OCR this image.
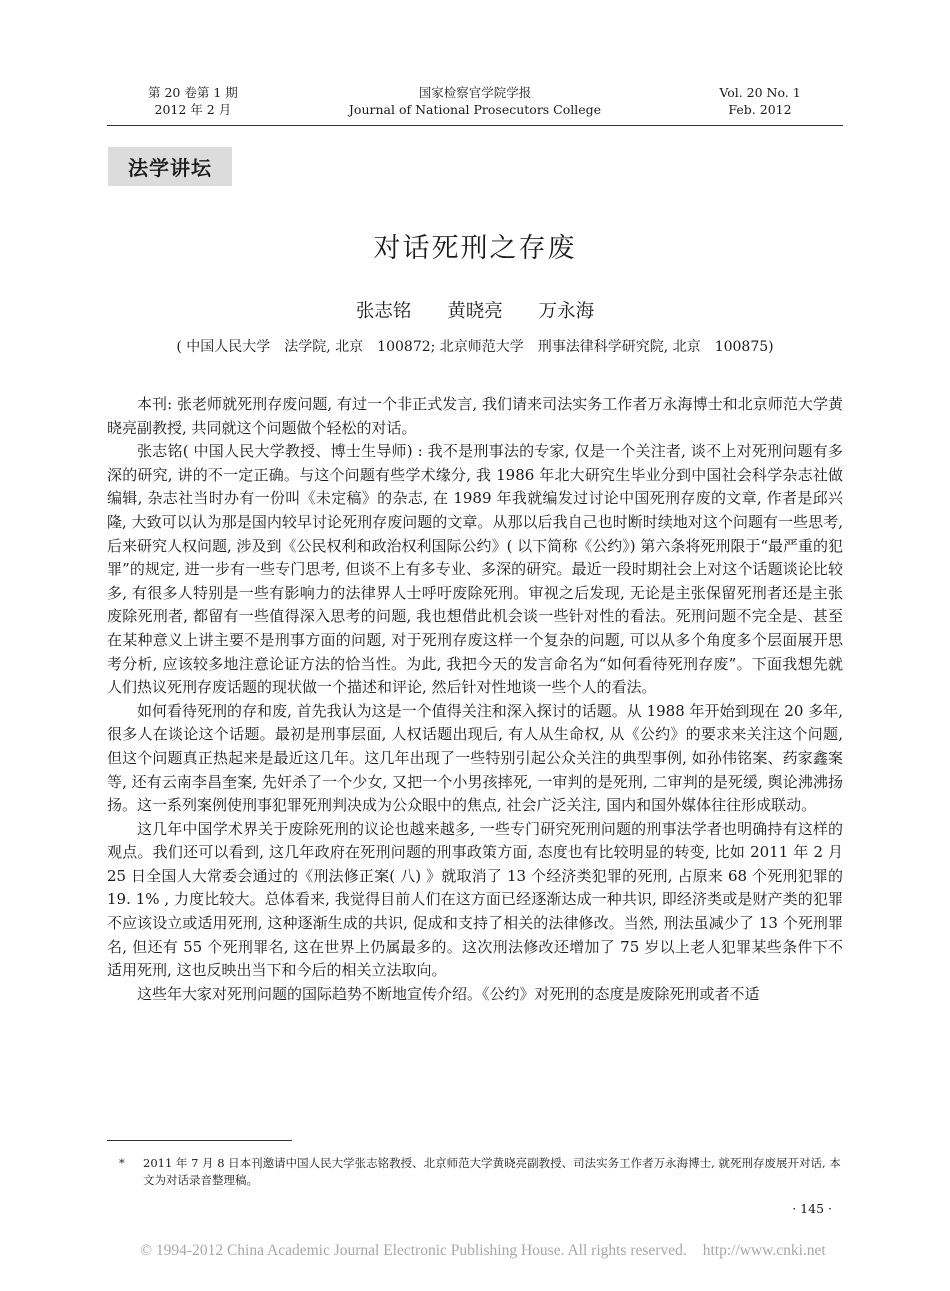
第 20 卷第 1 期
2012 年 2 月
国家检察官学院学报
Journal of National Prosecutors College
Vol. 20 No. 1
Feb. 2012
法学讲坛
对话死刑之存废
张志铭 黄晓亮 万永海
( 中国人民大学　法学院, 北京　100872; 北京师范大学　刑事法律科学研究院, 北京　100875)

本刊: 张老师就死刑存废问题, 有过一个非正式发言, 我们请来司法实务工作者万永海博士和北京师范大学黄晓亮副教授, 共同就这个问题做个轻松的对话。

张志铭( 中国人民大学教授、博士生导师) : 我不是刑事法的专家, 仅是一个关注者, 谈不上对死刑问题有多深的研究, 讲的不一定正确。与这个问题有些学术缘分, 我 1986 年北大研究生毕业分到中国社会科学杂志社做编辑, 杂志社当时办有一份叫《未定稿》的杂志, 在 1989 年我就编发过讨论中国死刑存废的文章, 作者是邱兴隆, 大致可以认为那是国内较早讨论死刑存废问题的文章。从那以后我自己也时断时续地对这个问题有一些思考, 后来研究人权问题, 涉及到《公民权利和政治权利国际公约》( 以下简称《公约》) 第六条将死刑限于“最严重的犯罪”的规定, 进一步有一些专门思考, 但谈不上有多专业、多深的研究。最近一段时期社会上对这个话题谈论比较多, 有很多人特别是一些有影响力的法律界人士呼吁废除死刑。审视之后发现, 无论是主张保留死刑者还是主张废除死刑者, 都留有一些值得深入思考的问题, 我也想借此机会谈一些针对性的看法。死刑问题不完全是、甚至在某种意义上讲主要不是刑事方面的问题, 对于死刑存废这样一个复杂的问题, 可以从多个角度多个层面展开思考分析, 应该较多地注意论证方法的恰当性。为此, 我把今天的发言命名为“如何看待死刑存废”。下面我想先就人们热议死刑存废话题的现状做一个描述和评论, 然后针对性地谈一些个人的看法。

如何看待死刑的存和废, 首先我认为这是一个值得关注和深入探讨的话题。从 1988 年开始到现在 20 多年, 很多人在谈论这个话题。最初是刑事层面, 人权话题出现后, 有人从生命权, 从《公约》的要求来关注这个问题, 但这个问题真正热起来是最近这几年。这几年出现了一些特别引起公众关注的典型事例, 如孙伟铭案、药家鑫案等, 还有云南李昌奎案, 先奸杀了一个少女, 又把一个小男孩摔死, 一审判的是死刑, 二审判的是死缓, 舆论沸沸扬扬。这一系列案例使刑事犯罪死刑判决成为公众眼中的焦点, 社会广泛关注, 国内和国外媒体往往形成联动。

这几年中国学术界关于废除死刑的议论也越来越多, 一些专门研究死刑问题的刑事法学者也明确持有这样的观点。我们还可以看到, 这几年政府在死刑问题的刑事政策方面, 态度也有比较明显的转变, 比如 2011 年 2 月 25 日全国人大常委会通过的《刑法修正案( 八) 》就取消了 13 个经济类犯罪的死刑, 占原来 68 个死刑犯罪的 19. 1% , 力度比较大。总体看来, 我觉得目前人们在这方面已经逐渐达成一种共识, 即经济类或是财产类的犯罪不应该设立或适用死刑, 这种逐渐生成的共识, 促成和支持了相关的法律修改。当然, 刑法虽减少了 13 个死刑罪名, 但还有 55 个死刑罪名, 这在世界上仍属最多的。这次刑法修改还增加了 75 岁以上老人犯罪某些条件下不适用死刑, 这也反映出当下和今后的相关立法取向。

这些年大家对死刑问题的国际趋势不断地宣传介绍。《公约》对死刑的态度是废除死刑或者不适

* 2011 年 7 月 8 日本刊邀请中国人民大学张志铭教授、北京师范大学黄晓亮副教授、司法实务工作者万永海博士, 就死刑存废展开对话, 本文为对话录音整理稿。
· 145 ·
© 1994-2012 China Academic Journal Electronic Publishing House. All rights reserved. http://www.cnki.net
